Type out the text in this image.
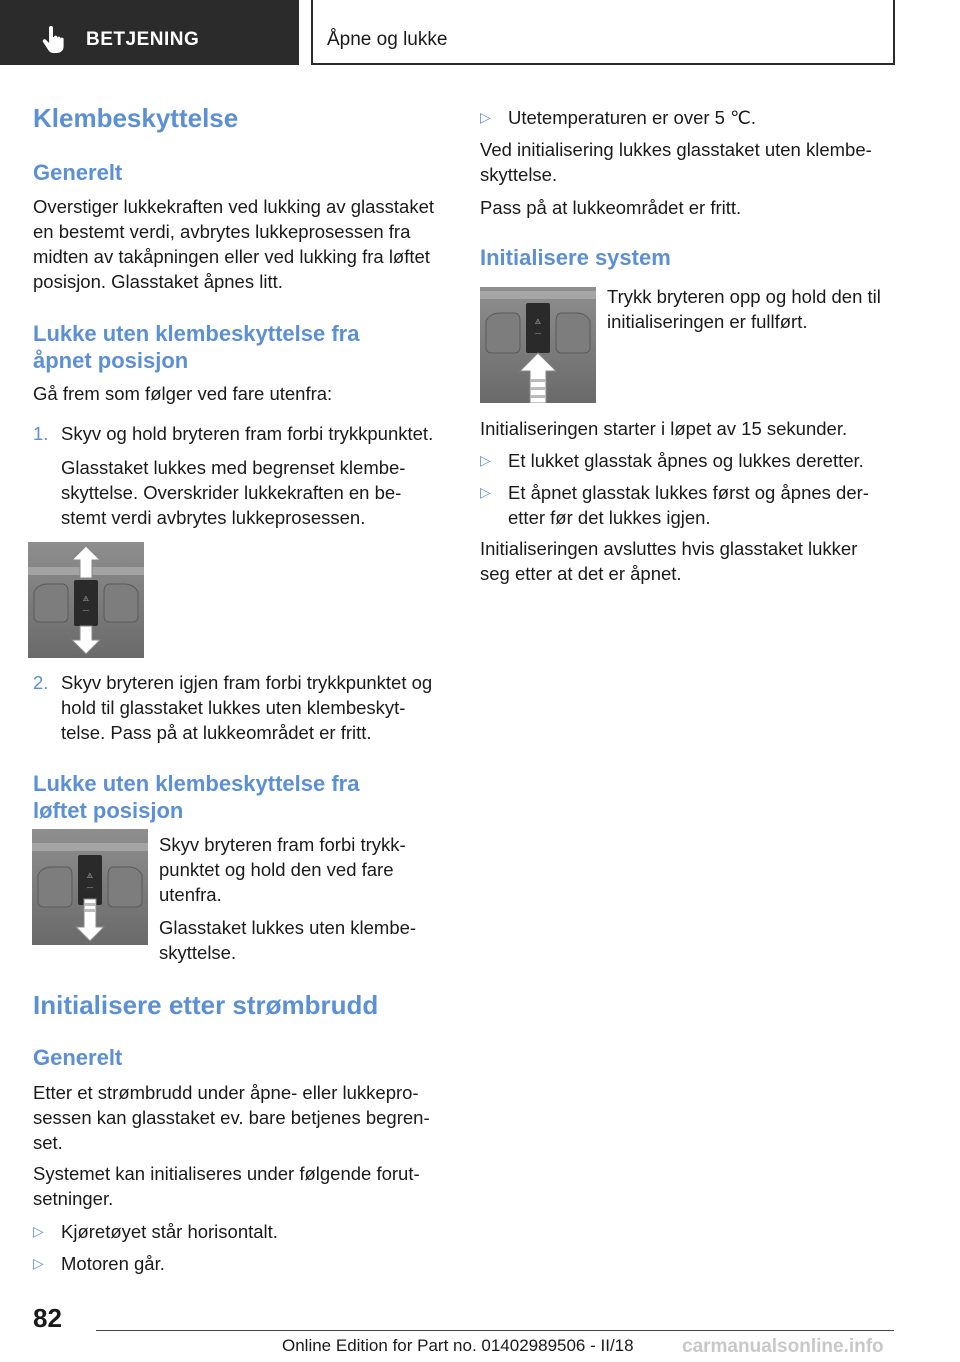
BETJENING	Åpne og lukke
Klembeskyttelse
Generelt

Overstiger lukkekraften ved lukking av glasstaket

en bestemt verdi, avbrytes lukkeprosessen fra

midten av takåpningen eller ved lukking fra løftet

posisjon. Glasstaket åpnes litt.

Lukke uten klembeskyttelse fra
åpnet posisjon

Gå frem som følger ved fare utenfra:

1. Skyv og hold bryteren fram forbi trykkpunktet.

Glasstaket lukkes med begrenset klembe-

skyttelse. Overskrider lukkekraften en be-

stemt verdi avbrytes lukkeprosessen.

◬
⌒
2. Skyv bryteren igjen fram forbi trykkpunktet og

hold til glasstaket lukkes uten klembeskyt-

telse. Pass på at lukkeområdet er fritt.

Lukke uten klembeskyttelse fra
løftet posisjon
◬
⌒

Skyv bryteren fram forbi trykk-

punktet og hold den ved fare

utenfra.

Glasstaket lukkes uten klembe-

skyttelse.

Initialisere etter strømbrudd
Generelt

Etter et strømbrudd under åpne- eller lukkepro-

sessen kan glasstaket ev. bare betjenes begren-

set.

Systemet kan initialiseres under følgende forut-

setninger.

▷ Kjøretøyet står horisontalt.
▷ Motoren går.
▷ Utetemperaturen er over 5 ℃.

Ved initialisering lukkes glasstaket uten klembe-

skyttelse.

Pass på at lukkeområdet er fritt.

Initialisere system
◬
⌒

Trykk bryteren opp og hold den til

initialiseringen er fullført.

Initialiseringen starter i løpet av 15 sekunder.

▷ Et lukket glasstak åpnes og lukkes deretter.
▷ Et åpnet glasstak lukkes først og åpnes der-

etter før det lukkes igjen.

Initialiseringen avsluttes hvis glasstaket lukker

seg etter at det er åpnet.

82
Online Edition for Part no. 01402989506 - II/18	carmanualsonline.info
